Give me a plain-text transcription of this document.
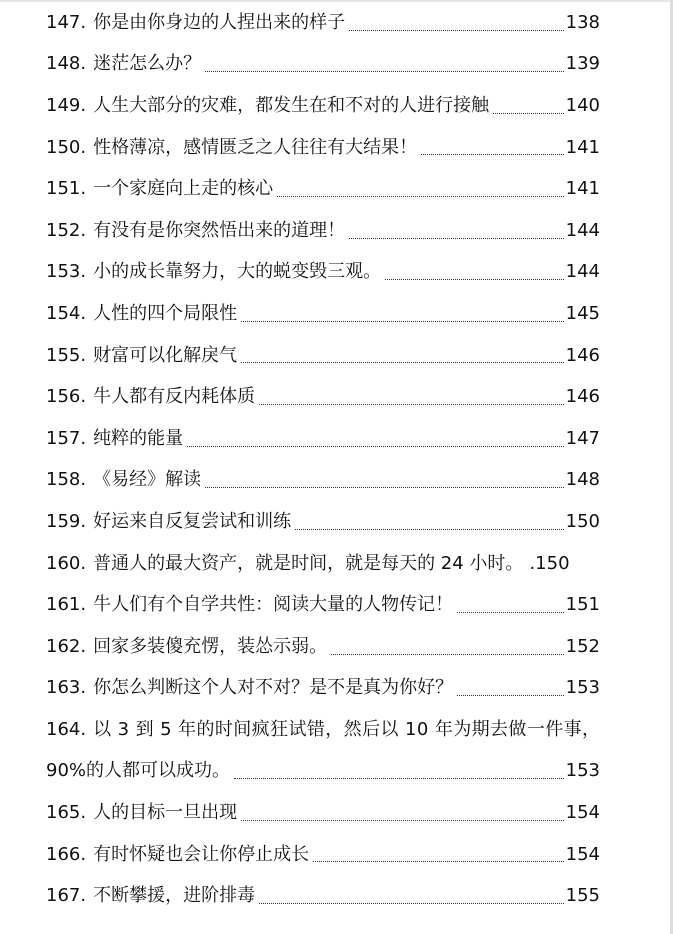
147. 你是由你身边的人捏出来的样子	138
148. 迷茫怎么办？	139
149. 人生大部分的灾难，都发生在和不对的人进行接触	140
150. 性格薄凉，感情匮乏之人往往有大结果！	141
151. 一个家庭向上走的核心	141
152. 有没有是你突然悟出来的道理！	144
153. 小的成长靠努力，大的蜕变毁三观。	144
154. 人性的四个局限性	145
155. 财富可以化解戾气	146
156. 牛人都有反内耗体质	146
157. 纯粹的能量	147
158. 《易经》解读	148
159. 好运来自反复尝试和训练	150
160. 普通人的最大资产，就是时间，就是每天的 24 小时。 .150
161. 牛人们有个自学共性：阅读大量的人物传记！	151
162. 回家多装傻充愣，装怂示弱。	152
163. 你怎么判断这个人对不对？是不是真为你好？	153
164. 以 3 到 5 年的时间疯狂试错，然后以 10 年为期去做一件事，
90%的人都可以成功。	153
165. 人的目标一旦出现	154
166. 有时怀疑也会让你停止成长	154
167. 不断攀援，进阶排毒	155
